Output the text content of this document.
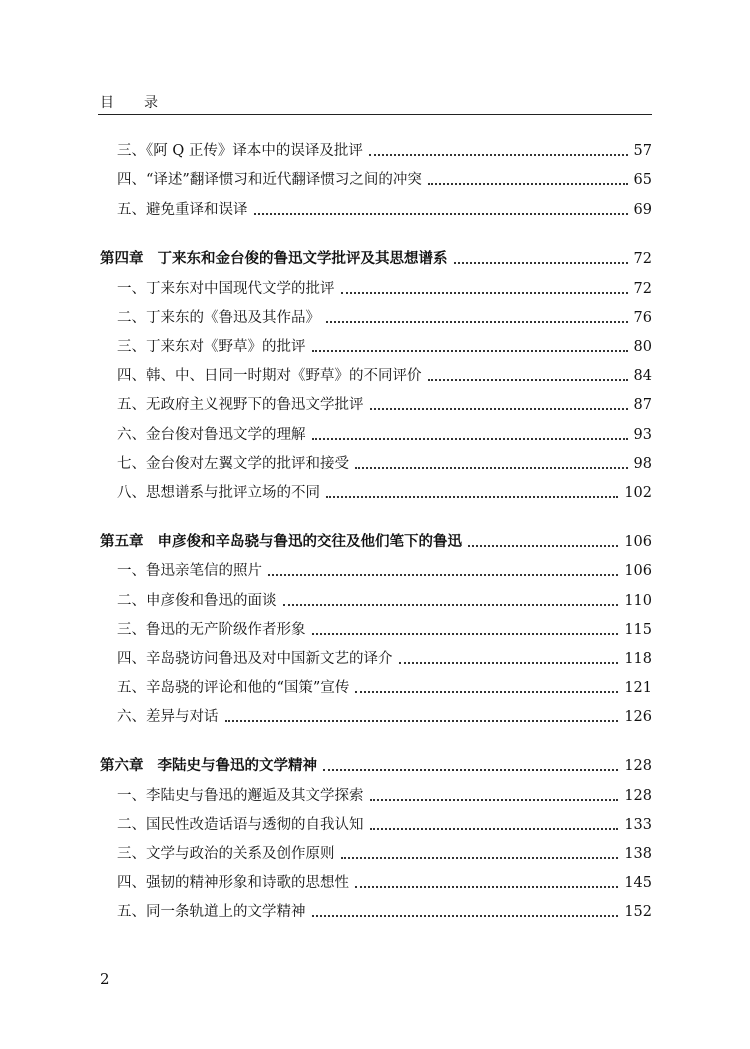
目 录
三、《阿 Q 正传》译本中的误译及批评	57
四、“译述”翻译惯习和近代翻译惯习之间的冲突	65
五、避免重译和误译	69
第四章 丁来东和金台俊的鲁迅文学批评及其思想谱系	72
一、丁来东对中国现代文学的批评	72
二、丁来东的《鲁迅及其作品》	76
三、丁来东对《野草》的批评	80
四、韩、中、日同一时期对《野草》的不同评价	84
五、无政府主义视野下的鲁迅文学批评	87
六、金台俊对鲁迅文学的理解	93
七、金台俊对左翼文学的批评和接受	98
八、思想谱系与批评立场的不同	102
第五章 申彦俊和辛岛骁与鲁迅的交往及他们笔下的鲁迅	106
一、鲁迅亲笔信的照片	106
二、申彦俊和鲁迅的面谈	110
三、鲁迅的无产阶级作者形象	115
四、辛岛骁访问鲁迅及对中国新文艺的译介	118
五、辛岛骁的评论和他的“国策”宣传	121
六、差异与对话	126
第六章 李陆史与鲁迅的文学精神	128
一、李陆史与鲁迅的邂逅及其文学探索	128
二、国民性改造话语与透彻的自我认知	133
三、文学与政治的关系及创作原则	138
四、强韧的精神形象和诗歌的思想性	145
五、同一条轨道上的文学精神	152
2
